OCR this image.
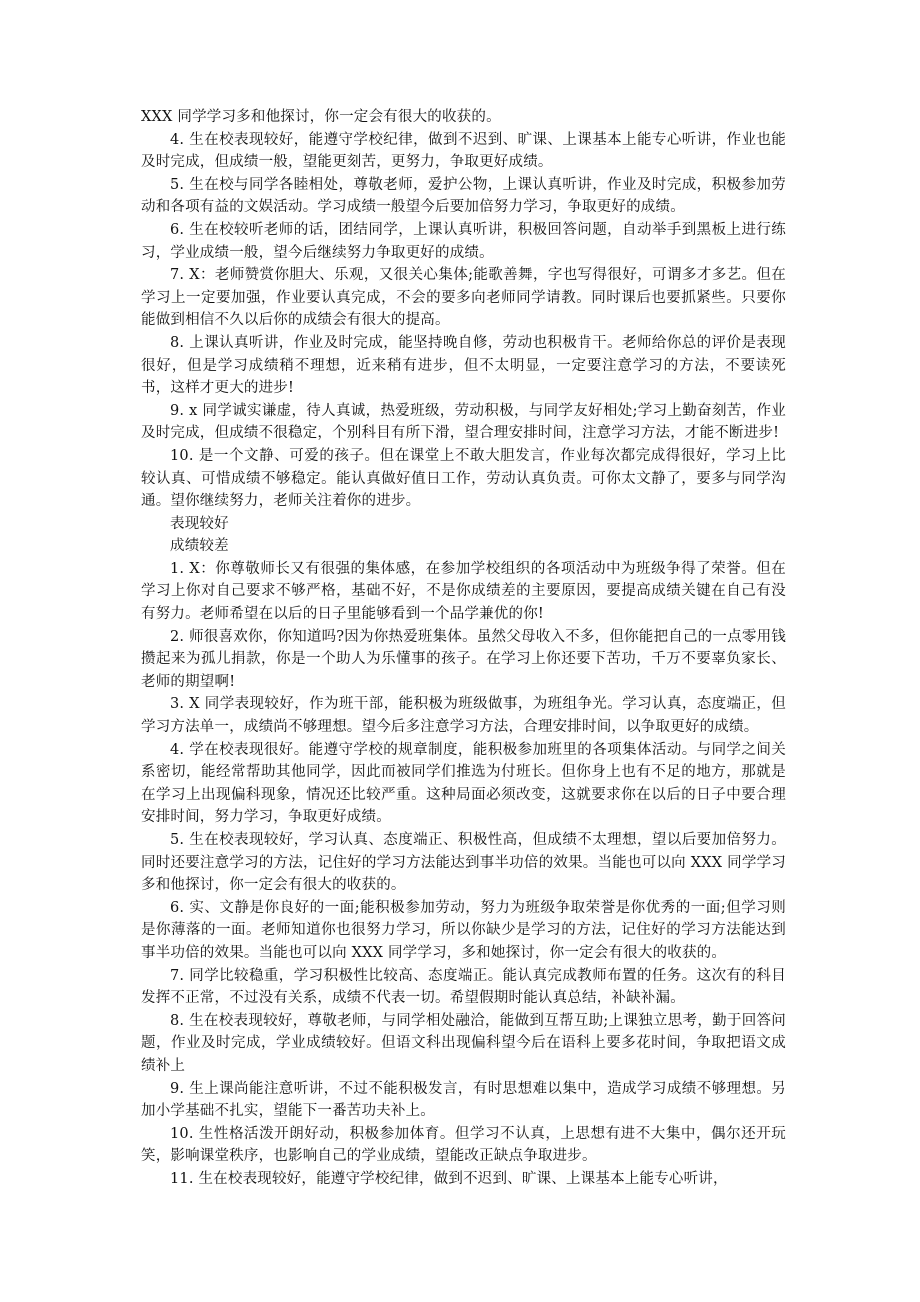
XXX 同学学习多和他探讨，你一定会有很大的收获的。

4. 生在校表现较好，能遵守学校纪律，做到不迟到、旷课、上课基本上能专心听讲，作业也能及时完成，但成绩一般，望能更刻苦，更努力，争取更好成绩。

5. 生在校与同学各睦相处，尊敬老师，爱护公物，上课认真听讲，作业及时完成，积极参加劳动和各项有益的文娱活动。学习成绩一般望今后要加倍努力学习，争取更好的成绩。

6. 生在校较听老师的话，团结同学，上课认真听讲，积极回答问题，自动举手到黑板上进行练习，学业成绩一般，望今后继续努力争取更好的成绩。

7. X：老师赞赏你胆大、乐观，又很关心集体;能歌善舞，字也写得很好，可谓多才多艺。但在学习上一定要加强，作业要认真完成，不会的要多向老师同学请教。同时课后也要抓紧些。只要你能做到相信不久以后你的成绩会有很大的提高。

8. 上课认真听讲，作业及时完成，能坚持晚自修，劳动也积极肯干。老师给你总的评价是表现很好，但是学习成绩稍不理想，近来稍有进步，但不太明显，一定要注意学习的方法，不要读死书，这样才更大的进步!

9. x 同学诚实谦虚，待人真诚，热爱班级，劳动积极，与同学友好相处;学习上勤奋刻苦，作业及时完成，但成绩不很稳定，个别科目有所下滑，望合理安排时间，注意学习方法，才能不断进步!

10. 是一个文静、可爱的孩子。但在课堂上不敢大胆发言，作业每次都完成得很好，学习上比较认真、可惜成绩不够稳定。能认真做好值日工作，劳动认真负责。可你太文静了，要多与同学沟通。望你继续努力，老师关注着你的进步。

表现较好

成绩较差

1. X：你尊敬师长又有很强的集体感，在参加学校组织的各项活动中为班级争得了荣誉。但在学习上你对自己要求不够严格，基础不好，不是你成绩差的主要原因，要提高成绩关键在自己有没有努力。老师希望在以后的日子里能够看到一个品学兼优的你!

2. 师很喜欢你，你知道吗?因为你热爱班集体。虽然父母收入不多，但你能把自己的一点零用钱攒起来为孤儿捐款，你是一个助人为乐懂事的孩子。在学习上你还要下苦功，千万不要辜负家长、老师的期望啊!

3. X 同学表现较好，作为班干部，能积极为班级做事，为班组争光。学习认真，态度端正，但学习方法单一，成绩尚不够理想。望今后多注意学习方法，合理安排时间，以争取更好的成绩。

4. 学在校表现很好。能遵守学校的规章制度，能积极参加班里的各项集体活动。与同学之间关系密切，能经常帮助其他同学，因此而被同学们推选为付班长。但你身上也有不足的地方，那就是在学习上出现偏科现象，情况还比较严重。这种局面必须改变，这就要求你在以后的日子中要合理安排时间，努力学习，争取更好成绩。

5. 生在校表现较好，学习认真、态度端正、积极性高，但成绩不太理想，望以后要加倍努力。同时还要注意学习的方法，记住好的学习方法能达到事半功倍的效果。当能也可以向 XXX 同学学习多和他探讨，你一定会有很大的收获的。

6. 实、文静是你良好的一面;能积极参加劳动，努力为班级争取荣誉是你优秀的一面;但学习则是你薄落的一面。老师知道你也很努力学习，所以你缺少是学习的方法，记住好的学习方法能达到事半功倍的效果。当能也可以向 XXX 同学学习，多和她探讨，你一定会有很大的收获的。

7. 同学比较稳重，学习积极性比较高、态度端正。能认真完成教师布置的任务。这次有的科目发挥不正常，不过没有关系，成绩不代表一切。希望假期时能认真总结，补缺补漏。

8. 生在校表现较好，尊敬老师，与同学相处融洽，能做到互帮互助;上课独立思考，勤于回答问题，作业及时完成，学业成绩较好。但语文科出现偏科望今后在语科上要多花时间，争取把语文成绩补上

9. 生上课尚能注意听讲，不过不能积极发言，有时思想难以集中，造成学习成绩不够理想。另加小学基础不扎实，望能下一番苦功夫补上。

10. 生性格活泼开朗好动，积极参加体育。但学习不认真，上思想有进不大集中，偶尔还开玩笑，影响课堂秩序，也影响自己的学业成绩，望能改正缺点争取进步。

11. 生在校表现较好，能遵守学校纪律，做到不迟到、旷课、上课基本上能专心听讲，
